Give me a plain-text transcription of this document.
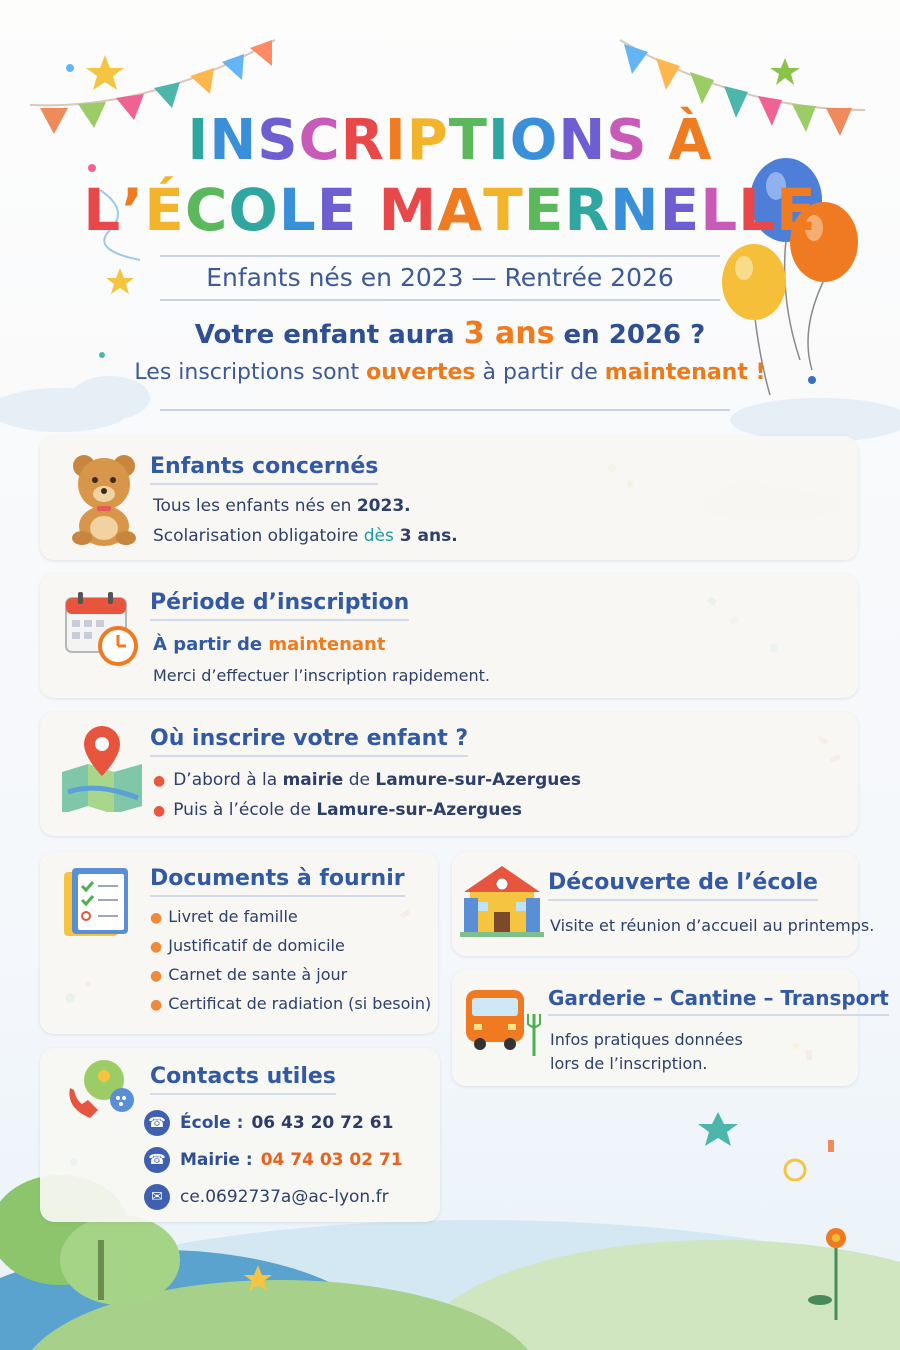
INSCRIPTIONS À
L’ÉCOLE MATERNELLE
Enfants nés en 2023 — Rentrée 2026
Votre enfant aura 3 ans en 2026 ?
Les inscriptions sont ouvertes à partir de maintenant !
Enfants concernés
Tous les enfants nés en 2023.
Scolarisation obligatoire dès 3 ans.
Période d’inscription
À partir de maintenant
Merci d’effectuer l’inscription rapidement.
Où inscrire votre enfant ?
● D’abord à la mairie de Lamure-sur-Azergues
● Puis à l’école de Lamure-sur-Azergues
Documents à fournir
● Livret de famille
● Justificatif de domicile
● Carnet de sante à jour
● Certificat de radiation (si besoin)
Découverte de l’école
Visite et réunion d’accueil au printemps.
Garderie – Cantine – Transport
Infos pratiques données
lors de l’inscription.
Contacts utiles
☎ École : 06 43 20 72 61
☎ Mairie : 04 74 03 02 71
✉ ce.0692737a@ac-lyon.fr
